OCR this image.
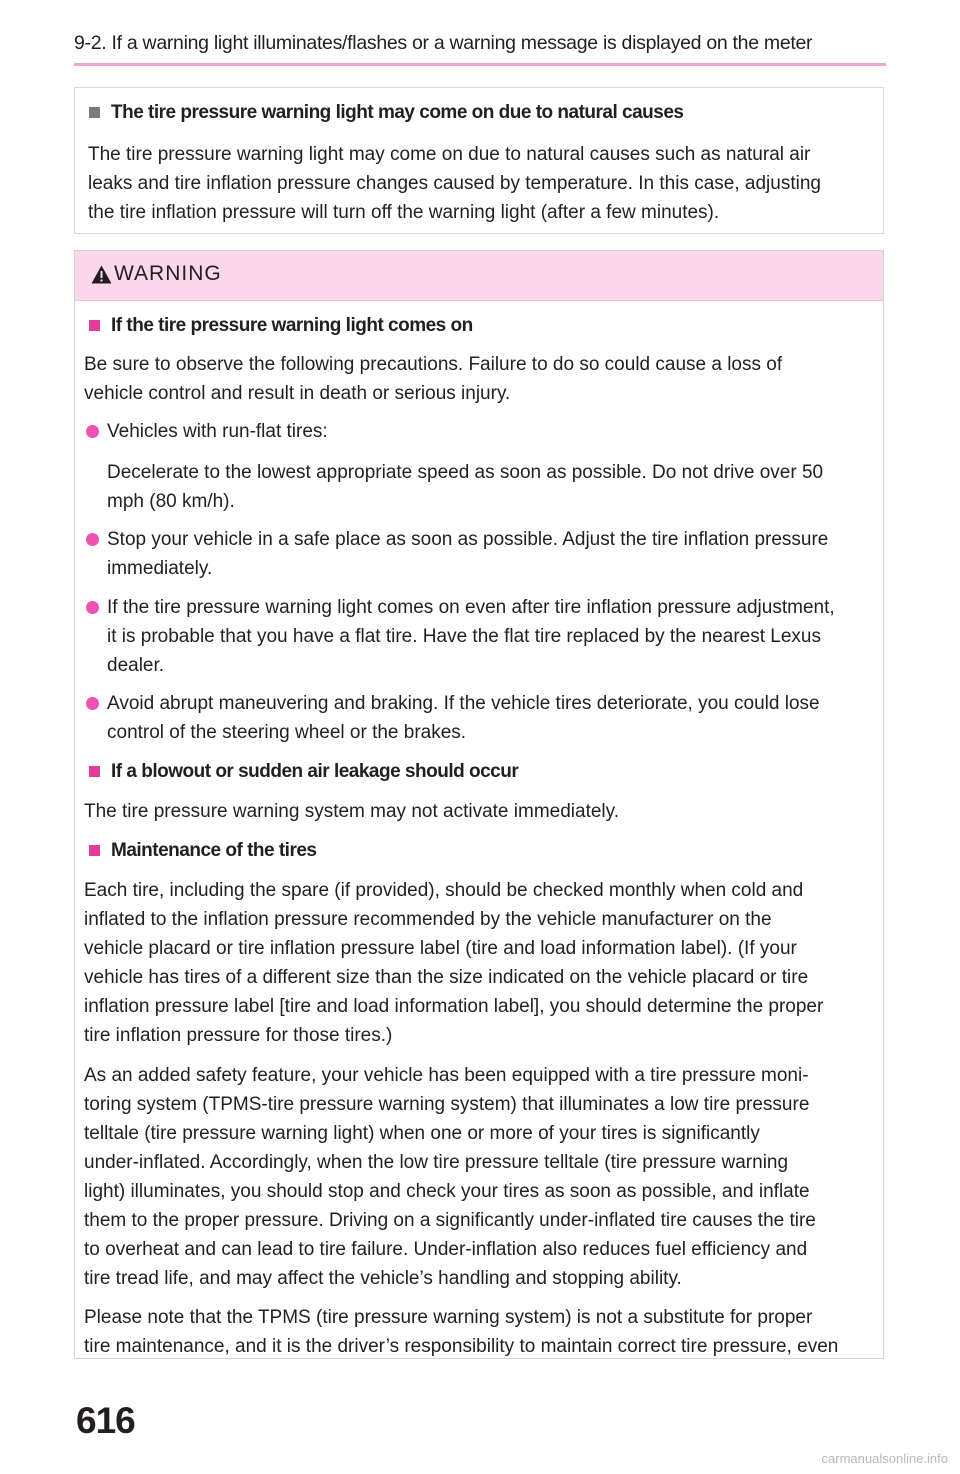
9-2. If a warning light illuminates/flashes or a warning message is displayed on the meter
The tire pressure warning light may come on due to natural causes
The tire pressure warning light may come on due to natural causes such as natural air
leaks and tire inflation pressure changes caused by temperature. In this case, adjusting
the tire inflation pressure will turn off the warning light (after a few minutes).
WARNING
If the tire pressure warning light comes on
Be sure to observe the following precautions. Failure to do so could cause a loss of
vehicle control and result in death or serious injury.
Vehicles with run-flat tires:
Decelerate to the lowest appropriate speed as soon as possible. Do not drive over 50
mph (80 km/h).
Stop your vehicle in a safe place as soon as possible. Adjust the tire inflation pressure
immediately.
If the tire pressure warning light comes on even after tire inflation pressure adjustment,
it is probable that you have a flat tire. Have the flat tire replaced by the nearest Lexus
dealer.
Avoid abrupt maneuvering and braking. If the vehicle tires deteriorate, you could lose
control of the steering wheel or the brakes.
If a blowout or sudden air leakage should occur
The tire pressure warning system may not activate immediately.
Maintenance of the tires
Each tire, including the spare (if provided), should be checked monthly when cold and
inflated to the inflation pressure recommended by the vehicle manufacturer on the
vehicle placard or tire inflation pressure label (tire and load information label). (If your
vehicle has tires of a different size than the size indicated on the vehicle placard or tire
inflation pressure label [tire and load information label], you should determine the proper
tire inflation pressure for those tires.)
As an added safety feature, your vehicle has been equipped with a tire pressure moni-
toring system (TPMS-tire pressure warning system) that illuminates a low tire pressure
telltale (tire pressure warning light) when one or more of your tires is significantly
under-inflated. Accordingly, when the low tire pressure telltale (tire pressure warning
light) illuminates, you should stop and check your tires as soon as possible, and inflate
them to the proper pressure. Driving on a significantly under-inflated tire causes the tire
to overheat and can lead to tire failure. Under-inflation also reduces fuel efficiency and
tire tread life, and may affect the vehicle’s handling and stopping ability.
Please note that the TPMS (tire pressure warning system) is not a substitute for proper
tire maintenance, and it is the driver’s responsibility to maintain correct tire pressure, even
616
carmanualsonline.info
